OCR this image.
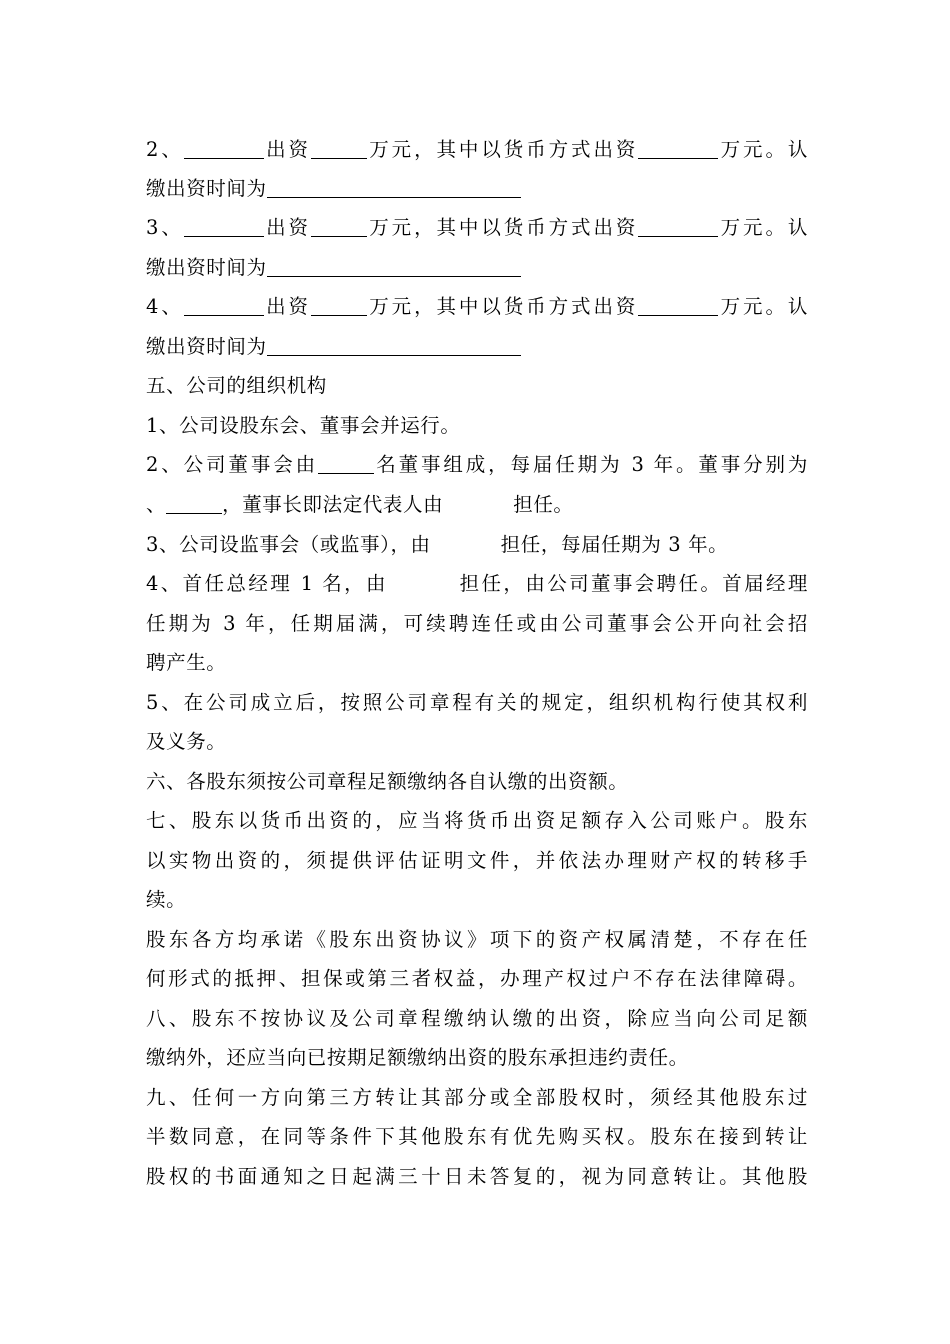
2、	出资	万元，其中以货币方式出资	万元。认
缴出资时间为
3、	出资	万元，其中以货币方式出资	万元。认
缴出资时间为
4、	出资	万元，其中以货币方式出资	万元。认
缴出资时间为
五、公司的组织机构
1、公司设股东会、董事会并运行。
2、公司董事会由	名董事组成，每届任期为 3 年。董事分别为
、	，董事长即法定代表人由	担任。
3、公司设监事会（或监事），由	担任，每届任期为 3 年。
4、首任总经理 1 名，由	担任，由公司董事会聘任。首届经理
任期为 3 年，任期届满，可续聘连任或由公司董事会公开向社会招
聘产生。
5、在公司成立后，按照公司章程有关的规定，组织机构行使其权利
及义务。
六、各股东须按公司章程足额缴纳各自认缴的出资额。
七、股东以货币出资的，应当将货币出资足额存入公司账户。股东
以实物出资的，须提供评估证明文件，并依法办理财产权的转移手
续。
股东各方均承诺《股东出资协议》项下的资产权属清楚，不存在任
何形式的抵押、担保或第三者权益，办理产权过户不存在法律障碍。
八、股东不按协议及公司章程缴纳认缴的出资，除应当向公司足额
缴纳外，还应当向已按期足额缴纳出资的股东承担违约责任。
九、任何一方向第三方转让其部分或全部股权时，须经其他股东过
半数同意，在同等条件下其他股东有优先购买权。股东在接到转让
股权的书面通知之日起满三十日未答复的，视为同意转让。其他股
